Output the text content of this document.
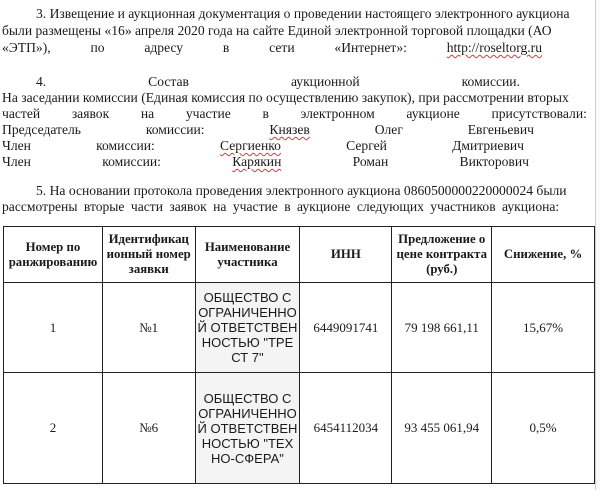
3. Извещение и аукционная документация о проведении настоящего электронного аукциона
были размещены «16» апреля 2020 года на сайте Единой электронной торговой площадки (АО
«ЭТП»),	по	адресу	в	сети	«Интернет»:	http://roseltorg.ru
4.	Состав	аукционной	комиссии.
На заседании комиссии (Единая комиссия по осуществлению закупок), при рассмотрении вторых
частей заявок на участие в электронном аукционе присутствовали:
Председатель	комиссии:	Князев	Олег	Евгеньевич
Член	комиссии:	Сергиенко	Сергей	Дмитриевич
Член	комиссии:	Карякин	Роман	Викторович
5. На основании протокола проведения электронного аукциона 0860500000220000024 были
рассмотрены вторые части заявок на участие в аукционе следующих участников аукциона:
Номер по ранжированию	Идентификационный номер заявки	Наименование участника	ИНН	Предложение о цене контракта (руб.)	Снижение, %
1	№1	ОБЩЕСТВО С ОГРАНИЧЕННОЙ ОТВЕТСТВЕННОСТЬЮ "ТРЕСТ 7"	6449091741	79 198 661,11	15,67%
2	№6	ОБЩЕСТВО С ОГРАНИЧЕННОЙ ОТВЕТСТВЕННОСТЬЮ "ТЕХНО-СФЕРА"	6454112034	93 455 061,94	0,5%
